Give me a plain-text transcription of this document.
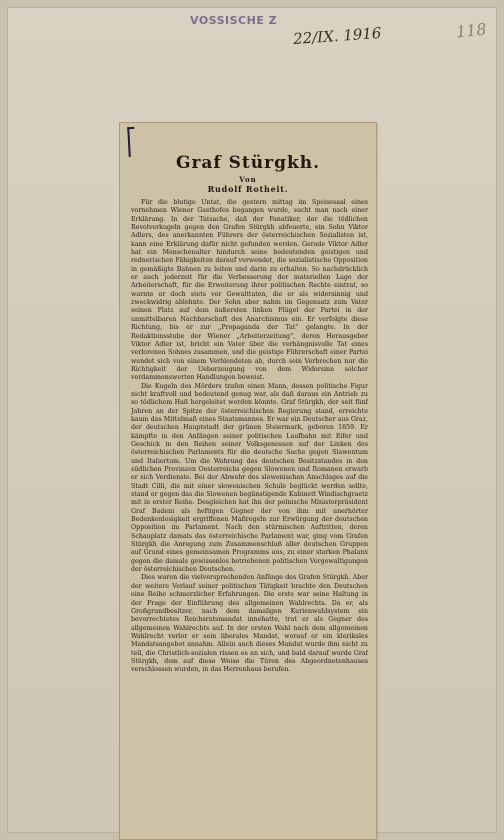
VOSSISCHE Z
22/IX. 1916	118
Graf Stürgkh.
Von
Rudolf Rotheit.

Für die blutige Untat, die gestern mittag im Speisesaal eines vornehmen Wiener Gasthofes begangen wurde, sucht man nach einer Erklärung. In der Tatsache, daß der Fanatiker, der die tödlichen Revolverkugeln gegen den Grafen Stürgkh abfeuerte, ein Sohn Viktor Adlers, des anerkannten Führers der österreichischen Sozialisten ist, kann eine Erklärung dafür nicht gefunden werden. Gerade Viktor Adler hat ein Menschenalter hindurch seine bedeutenden geistigen und rednerischen Fähigkeiten darauf verwendet, die sozialistische Opposition in gemäßigte Bahnen zu leiten und darin zu erhalten. So nachdrücklich er auch jederzeit für die Verbesserung der materiellen Lage der Arbeiterschaft, für die Erweiterung ihrer politischen Rechte eintrat, so warnte er doch stets vor Gewalttaten, die er als widersinnig und zweckwidrig ablehnte. Der Sohn aber nahm im Gegensatz zum Vater seinen Platz auf dem äußersten linken Flügel der Partei in der unmittelbaren Nachbarschaft des Anarchismus ein. Er verfolgte diese Richtung, bis er zur „Propaganda der Tat“ gelangte. In der Redaktionsstube der Wiener „Arbeiterzeitung“, deren Herausgeber Viktor Adler ist, bricht ein Vater über die verhängnisvolle Tat eines verlorenen Sohnes zusammen, und die geistige Führerschaft einer Partei wendet sich von einem Verblendeten ab, durch sein Verbrechen nur die Richtigkeit der Ueberzeugung von dem Widersinn solcher verdammenswerten Handlungen beweist.

Die Kugeln des Mörders trafen einen Mann, dessen politische Figur nicht kraftvoll und bedeutend genug war, als daß daraus ein Antrieb zu so tödlichem Haß hergeleitet werden könnte. Graf Stürgkh, der seit fünf Jahren an der Spitze der österreichischen Regierung stand, erreichte kaum das Mittelmaß eines Staatsmannes. Er war ein Deutscher aus Graz, der deutschen Hauptstadt der grünen Steiermark, geboren 1859. Er kämpfte in den Anfängen seiner politischen Laufbahn mit Eifer und Geschick in den Reihen seiner Volksgenossen auf der Linken des österreichischen Parlaments für die deutsche Sache gegen Slawentum und Italiertum. Um die Wahrung des deutschen Besitzstandes in den südlichen Provinzen Oesterreichs gegen Slowenen und Romanen erwarb er sich Verdienste. Bei der Abwehr des slowenischen Anschlages auf die Stadt Cilli, die mit einer slowenischen Schule beglückt werden sollte, stand er gegen das die Slowenen begünstigende Kabinett Windischgraetz mit in erster Reihe. Desgleichen hat ihn der polnische Ministerpräsident Graf Badeni als heftigen Gegner der von ihm mit unerhörter Bedenkenlosigkeit ergriffenen Maßregeln zur Erwürgung der deutschen Opposition im Parlament. Nach den stürmischen Auftritten, deren Schauplatz damals das österreichische Parlament war, ging vom Grafen Stürgkh die Anregung zum Zusammenschluß aller deutschen Gruppen auf Grund eines gemeinsamen Programms aus, zu einer starken Phalanx gegen die damals gewissenlos betriebenen politischen Vergewaltigungen der österreichischen Deutschen.

Dies waren die vielversprechenden Anfänge des Grafen Stürgkh. Aber der weitere Verlauf seiner politischen Tätigkeit brachte den Deutschen eine Reihe schmerzlicher Erfahrungen. Die erste war seine Haltung in der Frage der Einführung des allgemeinen Wahlrechts. Da er, als Großgrundbesitzer, nach dem damaligen Kurienwahlsystem ein bevorrechtetes Reichsratsmandat innehatte, trat er als Gegner des allgemeinen Wahlrechts auf. In der ersten Wahl nach dem allgemeinen Wahlrecht verlor er sein liberales Mandat, worauf er ein klerikales Mandatsangebot annahm. Allein auch dieses Mandat wurde ihm nicht zu teil, die Christlich-sozialen rissen es an sich, und bald darauf wurde Graf Stürgkh, dem auf diese Weise die Türen des Abgeordnetenhauses verschlossen wurden, in das Herrenhaus berufen.
